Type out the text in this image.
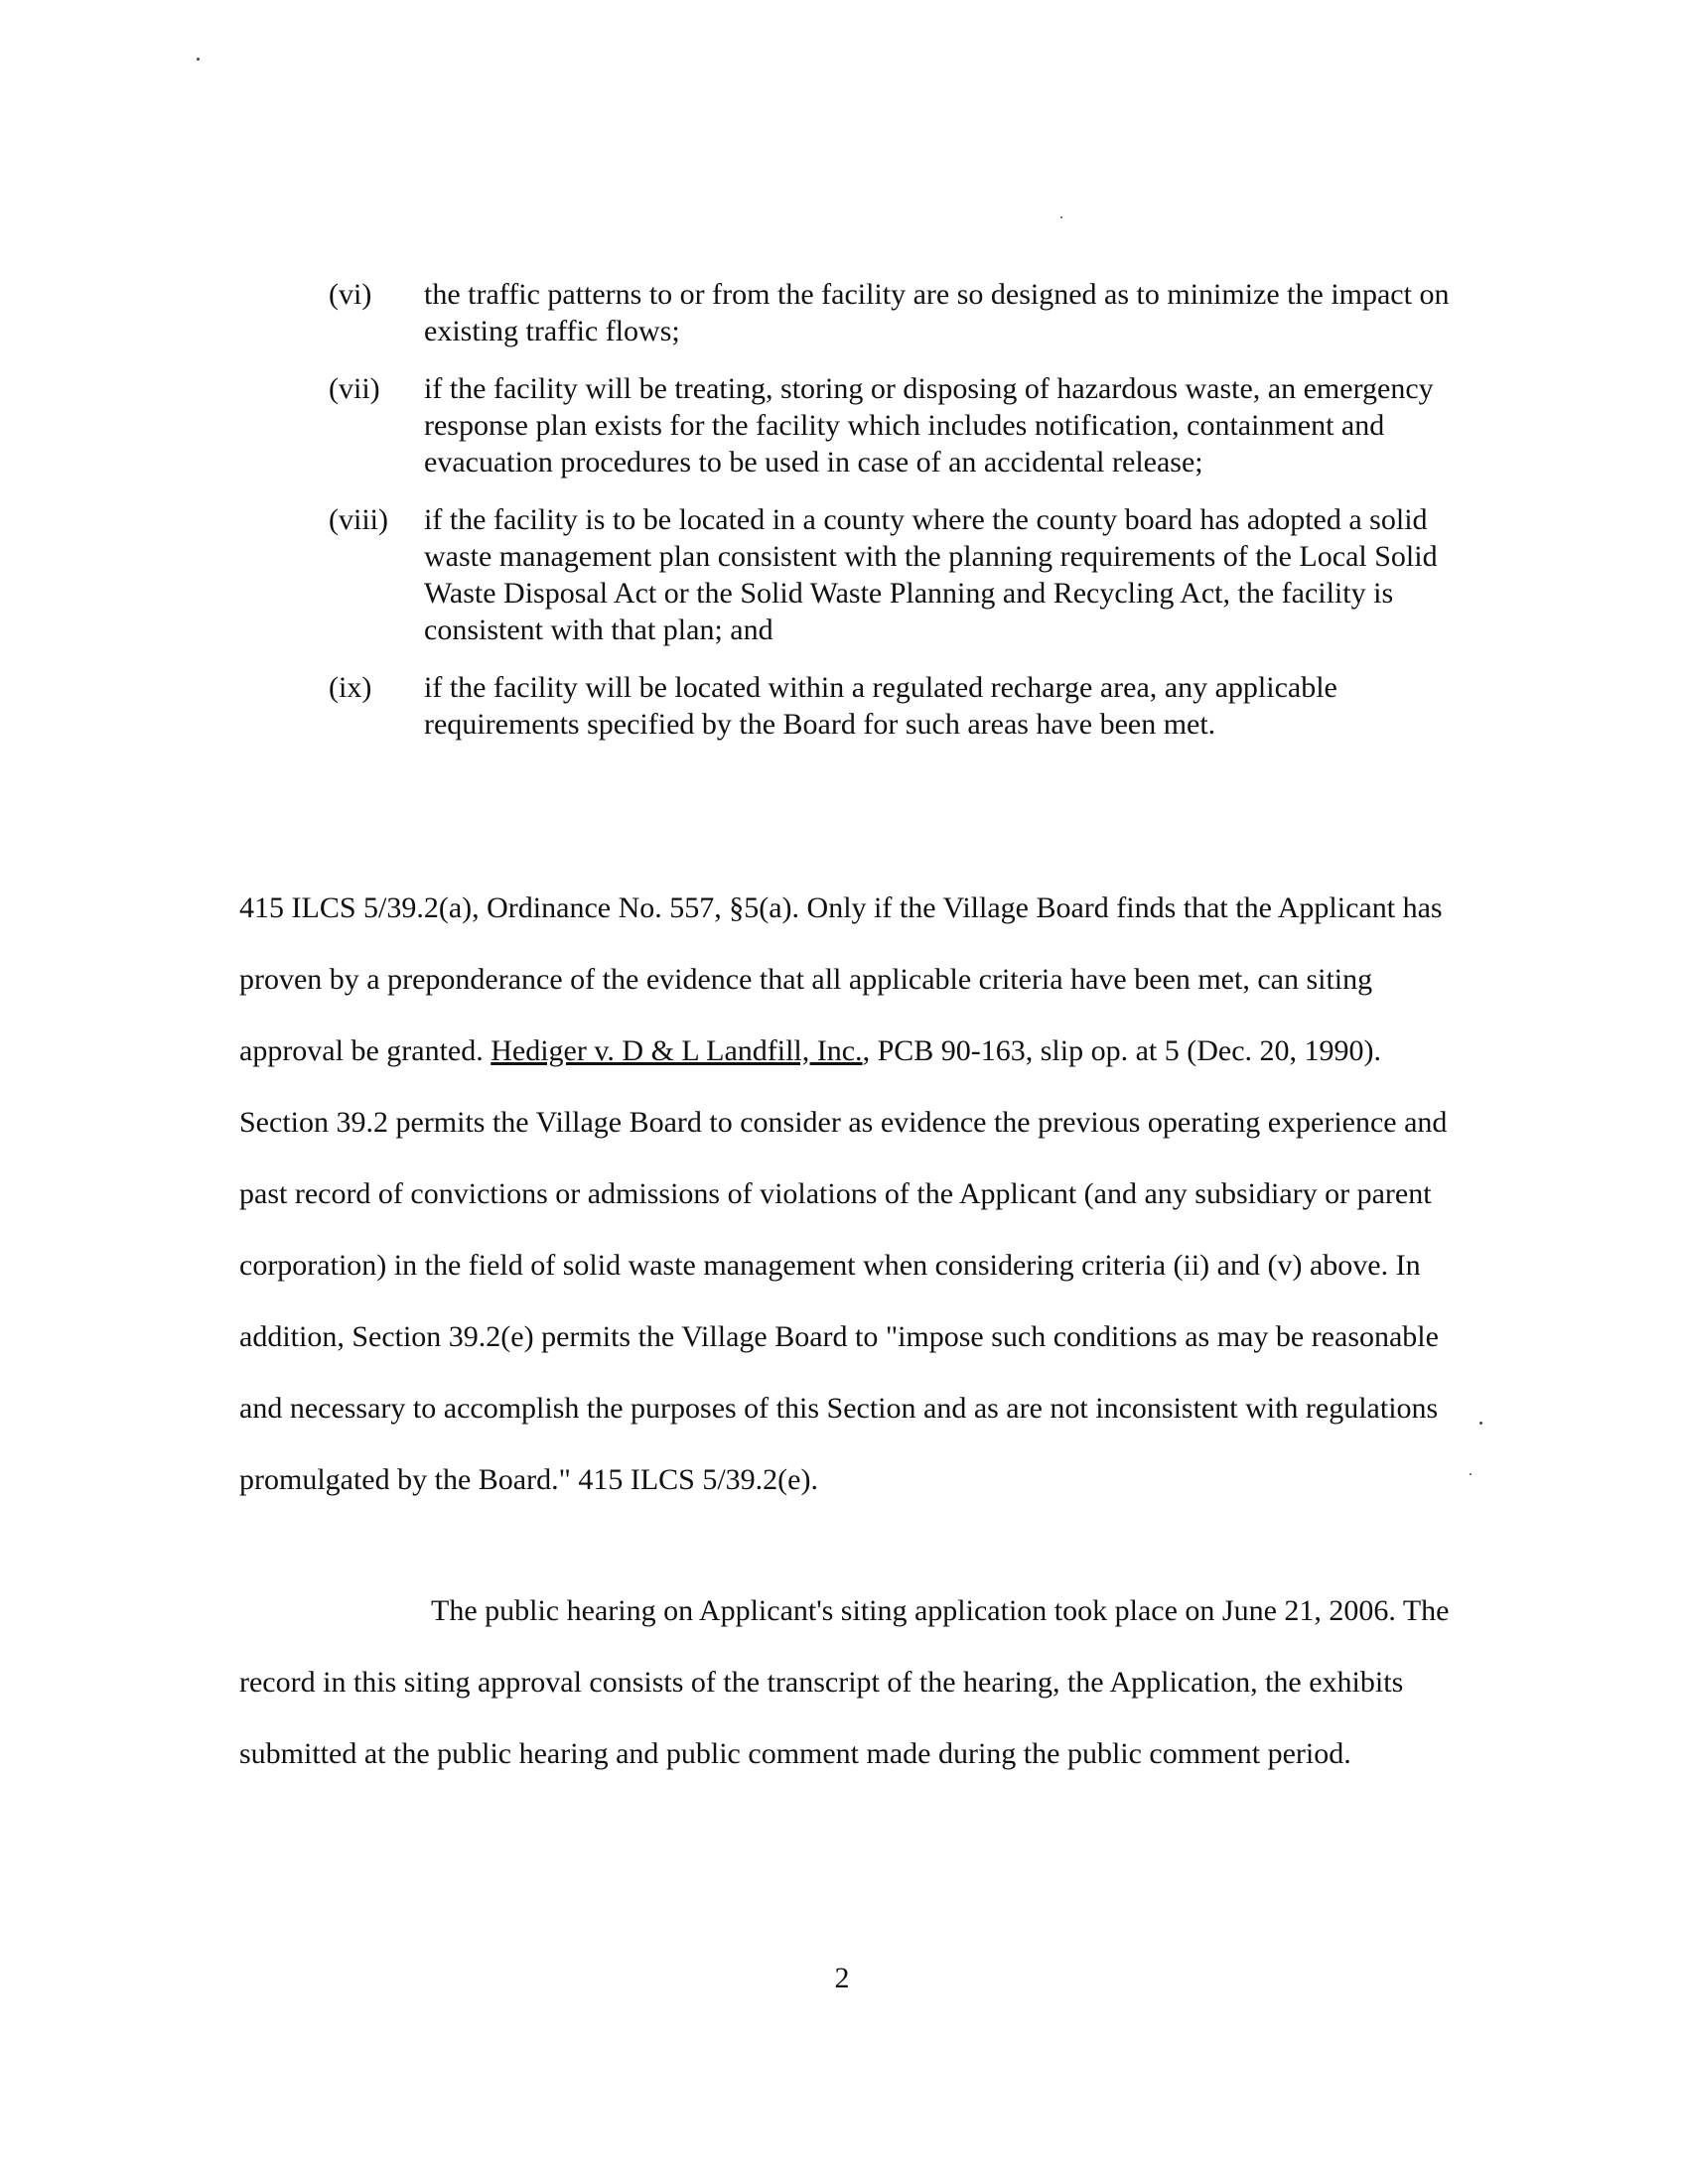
(vi)	the traffic patterns to or from the facility are so designed as to minimize the impact on existing traffic flows;
(vii)	if the facility will be treating, storing or disposing of hazardous waste, an emergency response plan exists for the facility which includes notification, containment and evacuation procedures to be used in case of an accidental release;
(viii)	if the facility is to be located in a county where the county board has adopted a solid waste management plan consistent with the planning requirements of the Local Solid Waste Disposal Act or the Solid Waste Planning and Recycling Act, the facility is consistent with that plan; and
(ix)	if the facility will be located within a regulated recharge area, any applicable requirements specified by the Board for such areas have been met.

415 ILCS 5/39.2(a), Ordinance No. 557, §5(a). Only if the Village Board finds that the Applicant has proven by a preponderance of the evidence that all applicable criteria have been met, can siting approval be granted. Hediger v. D & L Landfill, Inc., PCB 90-163, slip op. at 5 (Dec. 20, 1990). Section 39.2 permits the Village Board to consider as evidence the previous operating experience and past record of convictions or admissions of violations of the Applicant (and any subsidiary or parent corporation) in the field of solid waste management when considering criteria (ii) and (v) above. In addition, Section 39.2(e) permits the Village Board to "impose such conditions as may be reasonable and necessary to accomplish the purposes of this Section and as are not inconsistent with regulations promulgated by the Board." 415 ILCS 5/39.2(e).

The public hearing on Applicant's siting application took place on June 21, 2006. The record in this siting approval consists of the transcript of the hearing, the Application, the exhibits submitted at the public hearing and public comment made during the public comment period.

2
